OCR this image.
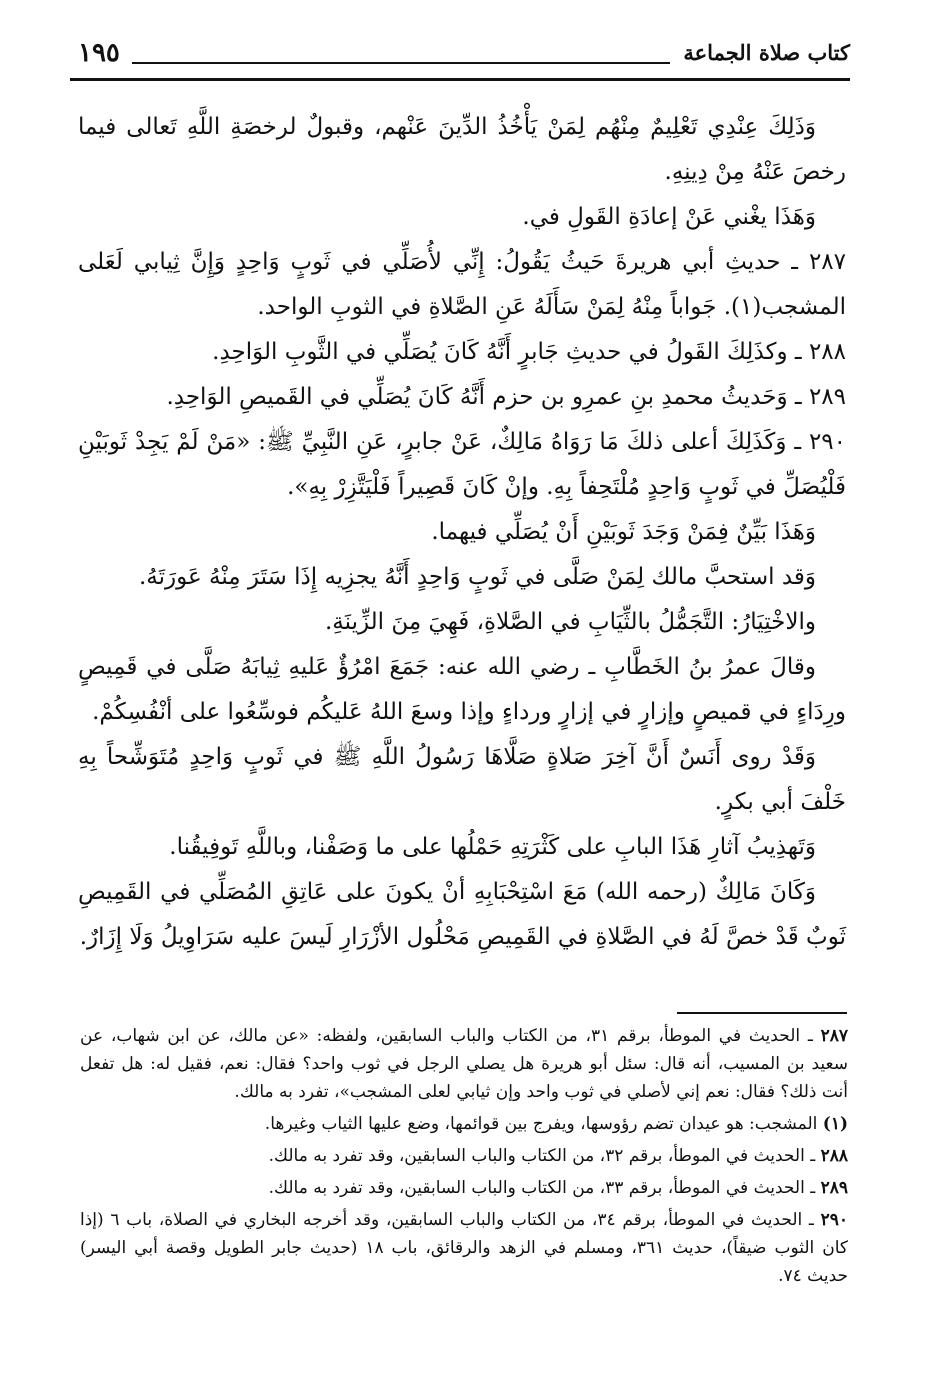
كتاب صلاة الجماعة
١٩٥

وَذَلِكَ عِنْدِي تَعْلِيمٌ مِنْهُم لِمَنْ يَأْخُذُ الدِّينَ عَنْهم، وقبولٌ لرخصَةِ اللَّهِ تَعالى فيما رخصَ عَنْهُ مِنْ دِينِهِ.

وَهَذَا يغْني عَنْ إعادَةِ القَولِ في.

٢٨٧ ـ حديثِ أبي هريرةَ حَيثُ يَقُولُ: إِنِّي لأُصَلِّي في ثَوبٍ وَاحِدٍ وَإِنَّ ثِيابي لَعَلى المشجب(١). جَواباً مِنْهُ لِمَنْ سَأَلَهُ عَنِ الصَّلاةِ في الثوبِ الواحد.

٢٨٨ ـ وكذَلِكَ القَولُ في حديثِ جَابرٍ أَنَّهُ كَانَ يُصَلِّي في الثَّوبِ الوَاحِدِ.

٢٨٩ ـ وَحَديثُ محمدِ بنِ عمرِو بن حزم أَنَّهُ كَانَ يُصَلِّي في القَميصِ الوَاحِدِ.

٢٩٠ ـ وَكَذَلِكَ أعلى ذلكَ مَا رَوَاهُ مَالِكٌ، عَنْ جابرٍ، عَنِ النَّبِيِّ ﷺ: «مَنْ لَمْ يَجِدْ ثَوبَيْنِ فَلْيُصَلِّ في ثَوبٍ وَاحِدٍ مُلْتَحِفاً بِهِ. وإنْ كَانَ قَصِيراً فَلْيَتَّزِرْ بِهِ».

وَهَذَا بَيِّنٌ فِمَنْ وَجَدَ ثَوبَيْنِ أَنْ يُصَلِّي فيهما.

وَقد استحبَّ مالك لِمَنْ صَلَّى في ثَوبٍ وَاحِدٍ أَنَّهُ يجزِيه إِذَا سَتَرَ مِنْهُ عَورَتَهُ.

والاخْتِيَارُ: التَّجَمُّلُ بالثِّيَابِ في الصَّلاةِ، فَهِيَ مِنَ الزِّينَةِ.

وقالَ عمرُ بنُ الخَطَّابِ ـ رضي الله عنه: جَمَعَ امْرُؤٌ عَليهِ ثِيابَهُ صَلَّى في قَمِيصٍ ورِدَاءٍ في قميصٍ وإزارٍ في إزارٍ ورداءٍ وإذا وسعَ اللهُ عَليكُم فوسِّعُوا على أنْفُسِكُمْ.

وَقَدْ روى أَنَسٌ أَنَّ آخِرَ صَلاةٍ صَلَّاهَا رَسُولُ اللَّهِ ﷺ في ثَوبٍ وَاحِدٍ مُتَوَشِّحاً بِهِ خَلْفَ أبي بكرٍ.

وَتَهذِيبُ آثارِ هَذَا البابِ على كَثْرَتِهِ حَمْلُها على ما وَصَفْنا، وباللَّهِ تَوفِيقُنا.

وَكَانَ مَالِكٌ (رحمه الله) مَعَ اسْتِحْبَابِهِ أنْ يكونَ على عَاتِقِ المُصَلِّي في القَمِيصِ ثَوبٌ قَدْ خصَّ لَهُ في الصَّلاةِ في القَمِيصِ مَحْلُول الأزْرَارِ لَيسَ عليه سَرَاوِيلُ وَلَا إِزَارٌ.

٢٨٧ ـ الحديث في الموطأ، برقم ٣١، من الكتاب والباب السابقين، ولفظه: «عن مالك، عن ابن شهاب، عن سعيد بن المسيب، أنه قال: سئل أبو هريرة هل يصلي الرجل في ثوب واحد؟ فقال: نعم، فقيل له: هل تفعل أنت ذلك؟ فقال: نعم إني لأصلي في ثوب واحد وإن ثيابي لعلى المشجب»، تفرد به مالك.

(١) المشجب: هو عيدان تضم رؤوسها، ويفرج بين قوائمها، وضع عليها الثياب وغيرها.

٢٨٨ ـ الحديث في الموطأ، برقم ٣٢، من الكتاب والباب السابقين، وقد تفرد به مالك.

٢٨٩ ـ الحديث في الموطأ، برقم ٣٣، من الكتاب والباب السابقين، وقد تفرد به مالك.

٢٩٠ ـ الحديث في الموطأ، برقم ٣٤، من الكتاب والباب السابقين، وقد أخرجه البخاري في الصلاة، باب ٦ (إذا كان الثوب ضيقاً)، حديث ٣٦١، ومسلم في الزهد والرقائق، باب ١٨ (حديث جابر الطويل وقصة أبي اليسر) حديث ٧٤.
